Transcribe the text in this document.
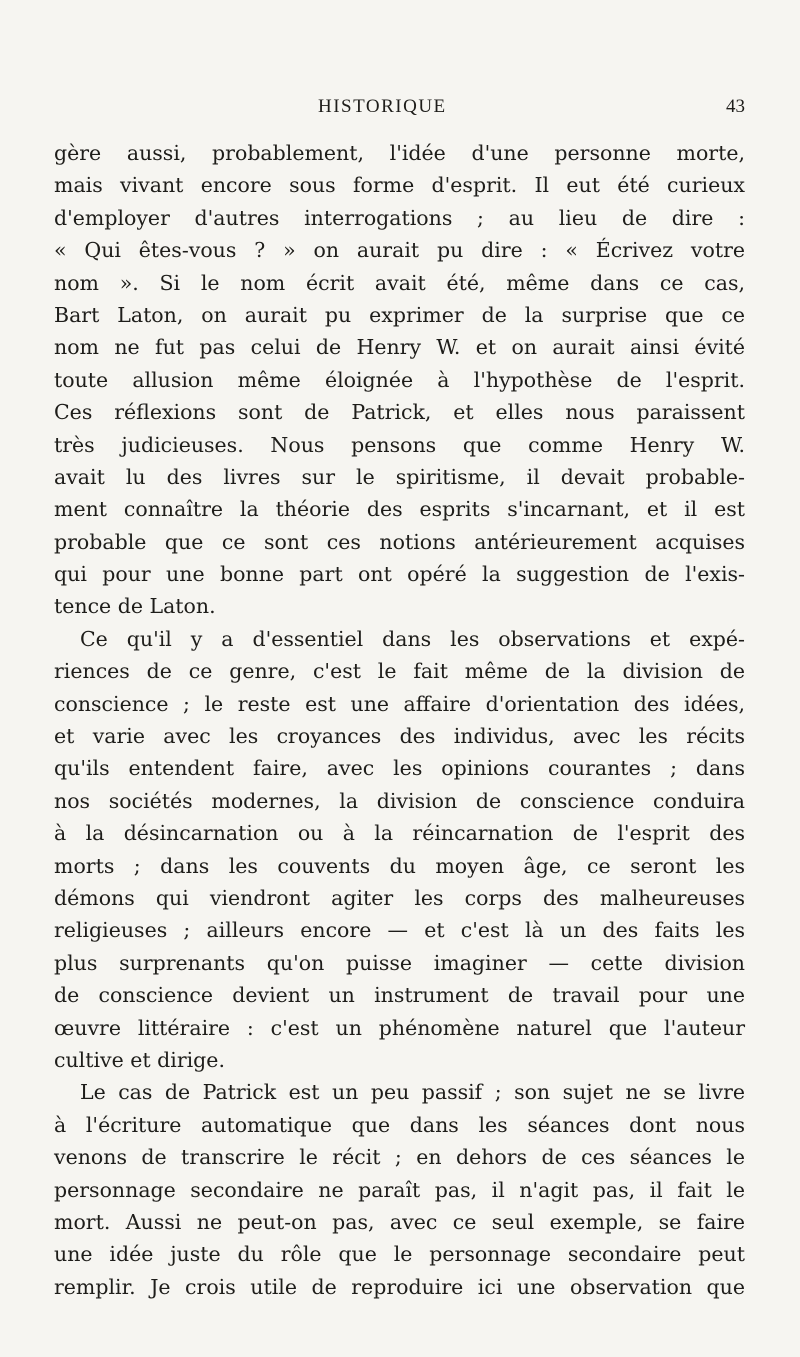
HISTORIQUE	43
gère aussi, probablement, l'idée d'une personne morte,
mais vivant encore sous forme d'esprit. Il eut été curieux
d'employer d'autres interrogations ; au lieu de dire :
« Qui êtes-vous ? » on aurait pu dire : « Écrivez votre
nom ». Si le nom écrit avait été, même dans ce cas,
Bart Laton, on aurait pu exprimer de la surprise que ce
nom ne fut pas celui de Henry W. et on aurait ainsi évité
toute allusion même éloignée à l'hypothèse de l'esprit.
Ces réflexions sont de Patrick, et elles nous paraissent
très judicieuses. Nous pensons que comme Henry W.
avait lu des livres sur le spiritisme, il devait probable-
ment connaître la théorie des esprits s'incarnant, et il est
probable que ce sont ces notions antérieurement acquises
qui pour une bonne part ont opéré la suggestion de l'exis-
tence de Laton.
Ce qu'il y a d'essentiel dans les observations et expé-
riences de ce genre, c'est le fait même de la division de
conscience ; le reste est une affaire d'orientation des idées,
et varie avec les croyances des individus, avec les récits
qu'ils entendent faire, avec les opinions courantes ; dans
nos sociétés modernes, la division de conscience conduira
à la désincarnation ou à la réincarnation de l'esprit des
morts ; dans les couvents du moyen âge, ce seront les
démons qui viendront agiter les corps des malheureuses
religieuses ; ailleurs encore — et c'est là un des faits les
plus surprenants qu'on puisse imaginer — cette division
de conscience devient un instrument de travail pour une
œuvre littéraire : c'est un phénomène naturel que l'auteur
cultive et dirige.
Le cas de Patrick est un peu passif ; son sujet ne se livre
à l'écriture automatique que dans les séances dont nous
venons de transcrire le récit ; en dehors de ces séances le
personnage secondaire ne paraît pas, il n'agit pas, il fait le
mort. Aussi ne peut-on pas, avec ce seul exemple, se faire
une idée juste du rôle que le personnage secondaire peut
remplir. Je crois utile de reproduire ici une observation que
